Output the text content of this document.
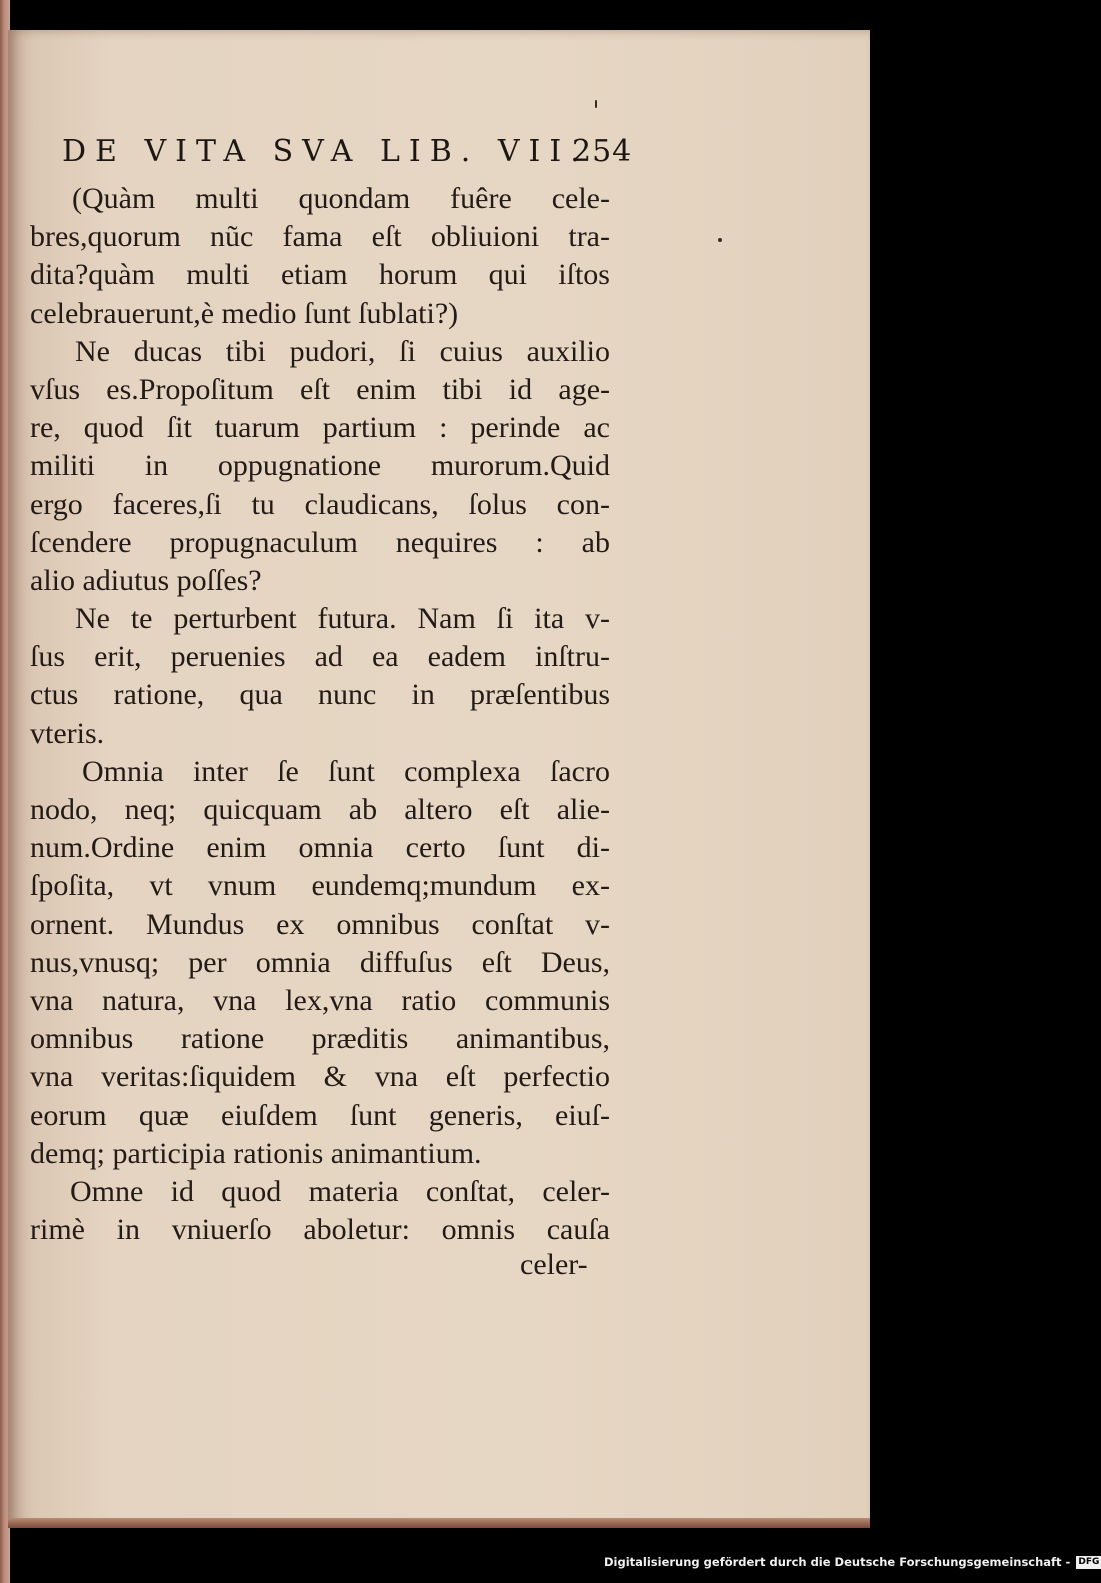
DE VITA SVA LIB. VII.
254
(Quàm multi quondam fuêre cele-
bres,quorum nũc fama eſt obliuioni tra-
dita?quàm multi etiam horum qui iſtos
celebrauerunt,è medio ſunt ſublati?)
Ne ducas tibi pudori, ſi cuius auxilio
vſus es.Propoſitum eſt enim tibi id age-
re, quod ſit tuarum partium : perinde ac
militi in oppugnatione murorum.Quid
ergo faceres,ſi tu claudicans, ſolus con-
ſcendere propugnaculum nequires : ab
alio adiutus poſſes?
Ne te perturbent futura. Nam ſi ita v-
ſus erit, peruenies ad ea eadem inſtru-
ctus ratione, qua nunc in præſentibus
vteris.
Omnia inter ſe ſunt complexa ſacro
nodo, neq; quicquam ab altero eſt alie-
num.Ordine enim omnia certo ſunt di-
ſpoſita, vt vnum eundemq;mundum ex-
ornent. Mundus ex omnibus conſtat v-
nus,vnusq; per omnia diffuſus eſt Deus,
vna natura, vna lex,vna ratio communis
omnibus ratione præditis animantibus,
vna veritas:ſiquidem & vna eſt perfectio
eorum quæ eiuſdem ſunt generis, eiuſ-
demq; participia rationis animantium.
Omne id quod materia conſtat, celer-
rimè in vniuerſo aboletur: omnis cauſa
celer-
Digitalisierung gefördert durch die Deutsche Forschungsgemeinschaft - DFG
